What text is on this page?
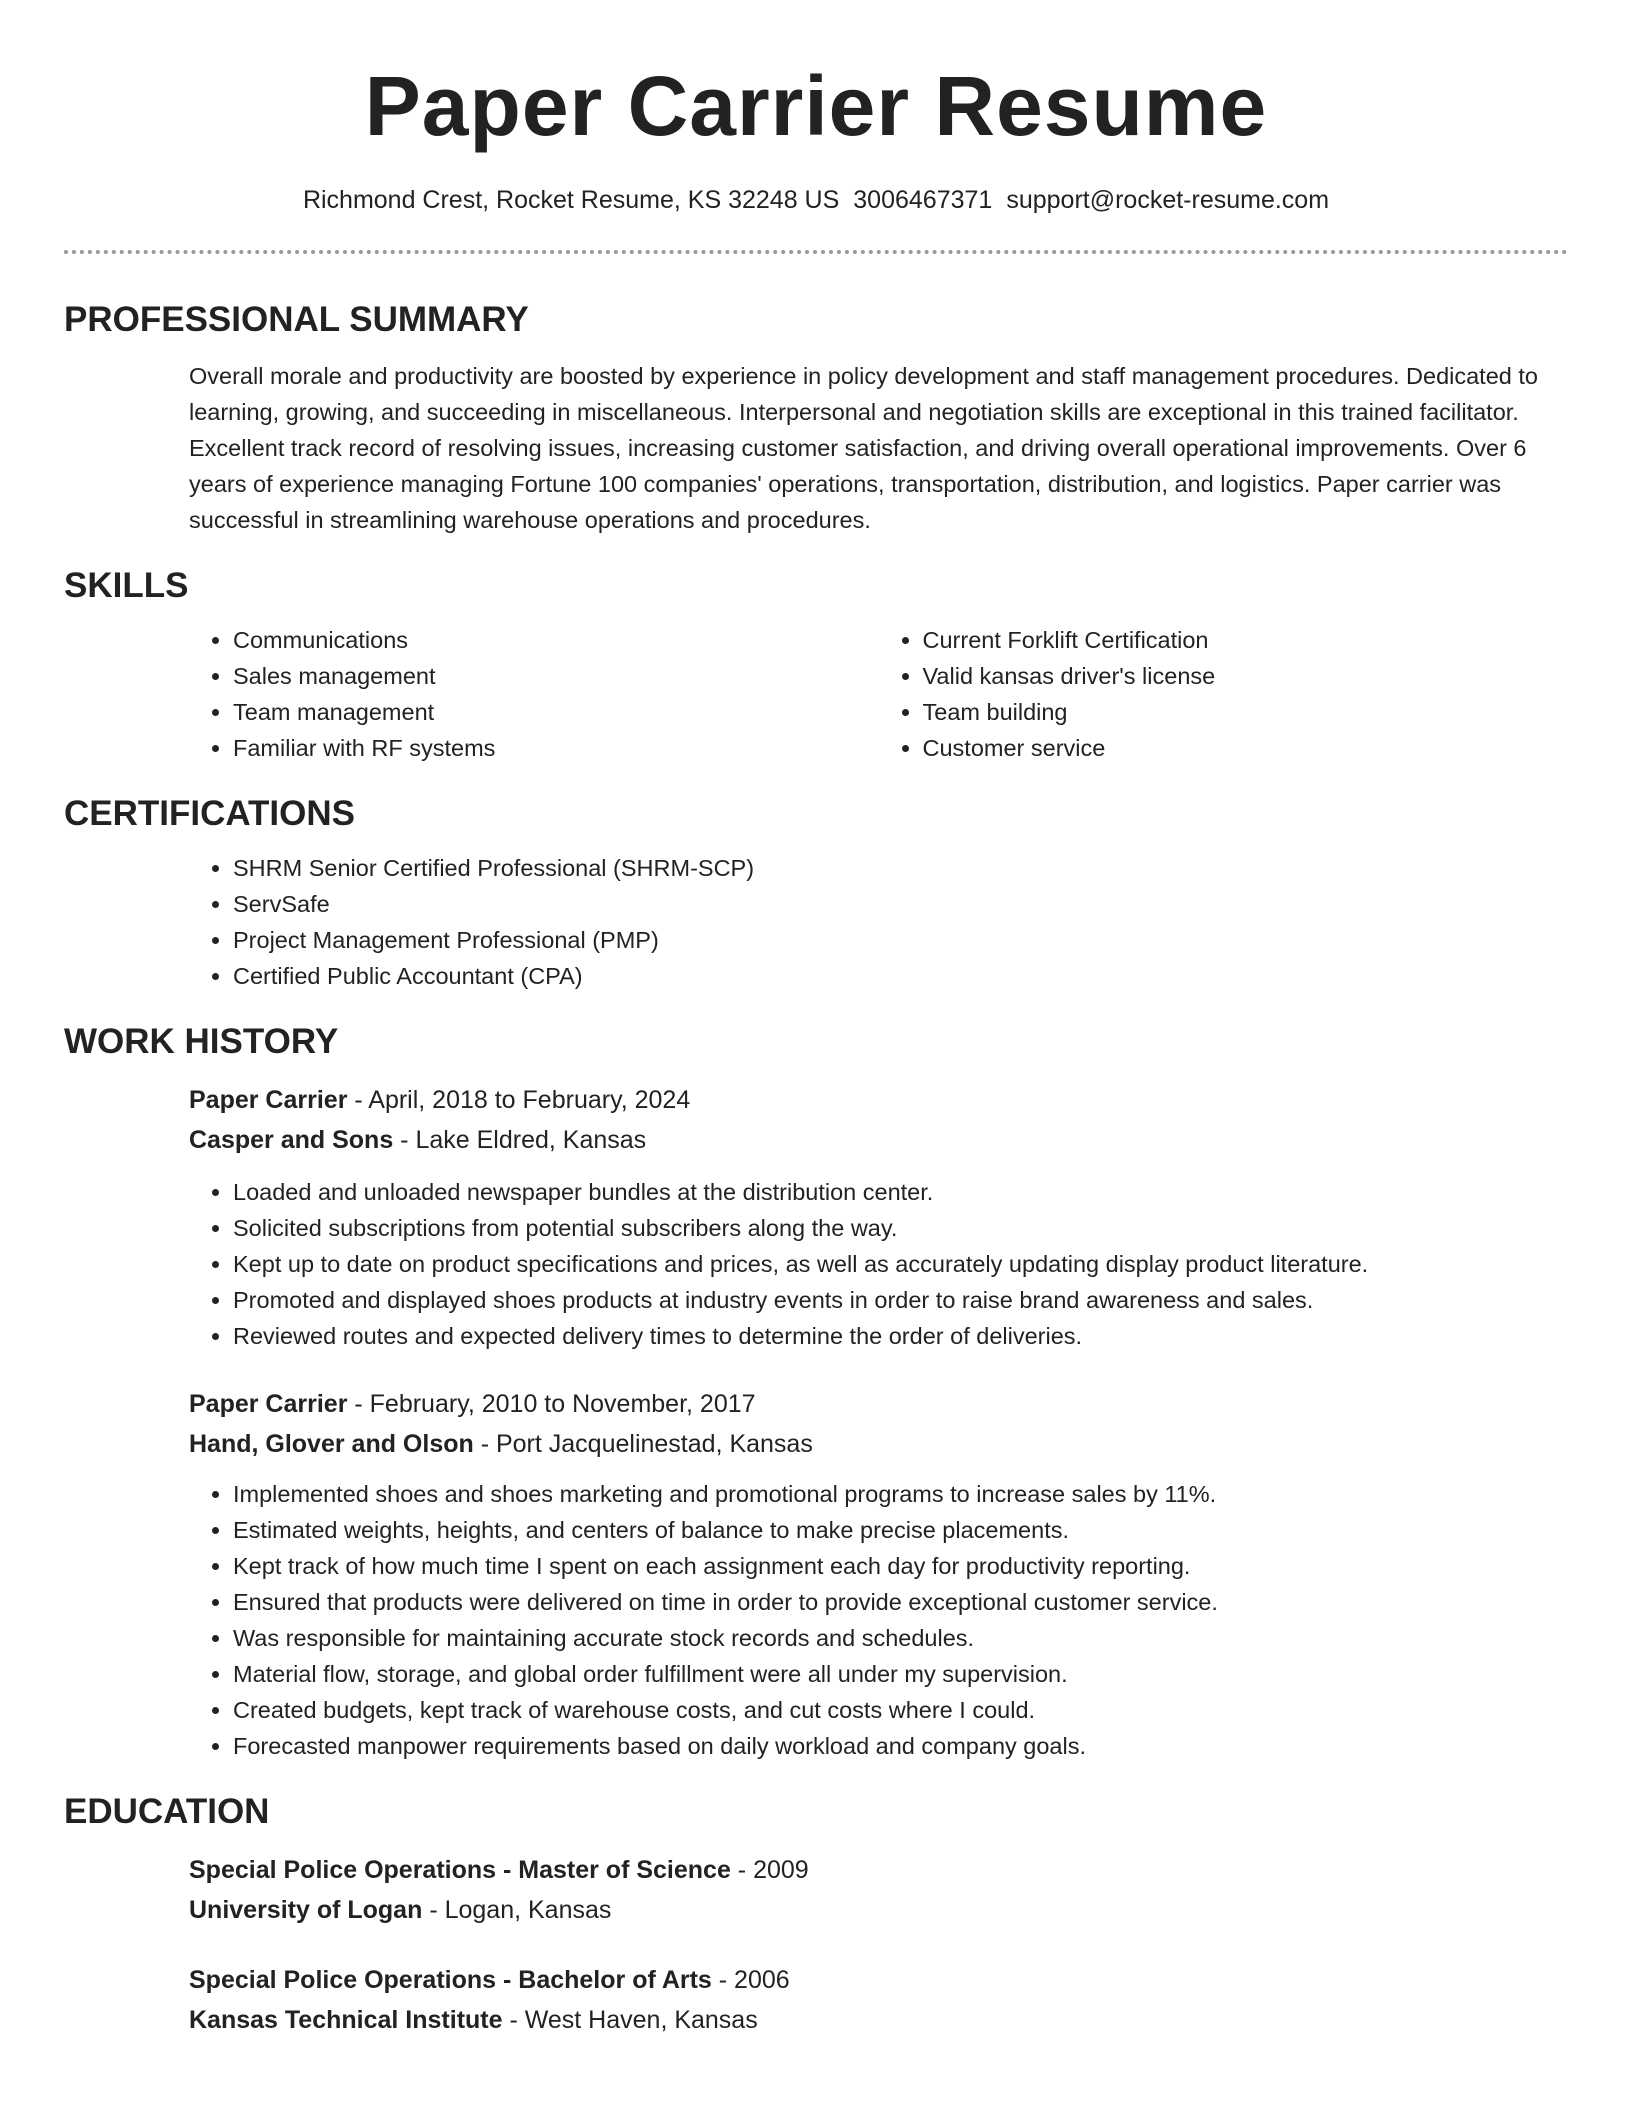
Paper Carrier Resume
Richmond Crest, Rocket Resume, KS 32248 US 3006467371 support@rocket-resume.com
PROFESSIONAL SUMMARY

Overall morale and productivity are boosted by experience in policy development and staff management procedures. Dedicated to learning, growing, and succeeding in miscellaneous. Interpersonal and negotiation skills are exceptional in this trained facilitator. Excellent track record of resolving issues, increasing customer satisfaction, and driving overall operational improvements. Over 6 years of experience managing Fortune 100 companies' operations, transportation, distribution, and logistics. Paper carrier was successful in streamlining warehouse operations and procedures.

SKILLS
• Communications
• Sales management
• Team management
• Familiar with RF systems
• Current Forklift Certification
• Valid kansas driver's license
• Team building
• Customer service
CERTIFICATIONS
• SHRM Senior Certified Professional (SHRM-SCP)
• ServSafe
• Project Management Professional (PMP)
• Certified Public Accountant (CPA)
WORK HISTORY
Paper Carrier - April, 2018 to February, 2024
Casper and Sons - Lake Eldred, Kansas
• Loaded and unloaded newspaper bundles at the distribution center.
• Solicited subscriptions from potential subscribers along the way.
• Kept up to date on product specifications and prices, as well as accurately updating display product literature.
• Promoted and displayed shoes products at industry events in order to raise brand awareness and sales.
• Reviewed routes and expected delivery times to determine the order of deliveries.
Paper Carrier - February, 2010 to November, 2017
Hand, Glover and Olson - Port Jacquelinestad, Kansas
• Implemented shoes and shoes marketing and promotional programs to increase sales by 11%.
• Estimated weights, heights, and centers of balance to make precise placements.
• Kept track of how much time I spent on each assignment each day for productivity reporting.
• Ensured that products were delivered on time in order to provide exceptional customer service.
• Was responsible for maintaining accurate stock records and schedules.
• Material flow, storage, and global order fulfillment were all under my supervision.
• Created budgets, kept track of warehouse costs, and cut costs where I could.
• Forecasted manpower requirements based on daily workload and company goals.
EDUCATION
Special Police Operations - Master of Science - 2009
University of Logan - Logan, Kansas
Special Police Operations - Bachelor of Arts - 2006
Kansas Technical Institute - West Haven, Kansas
